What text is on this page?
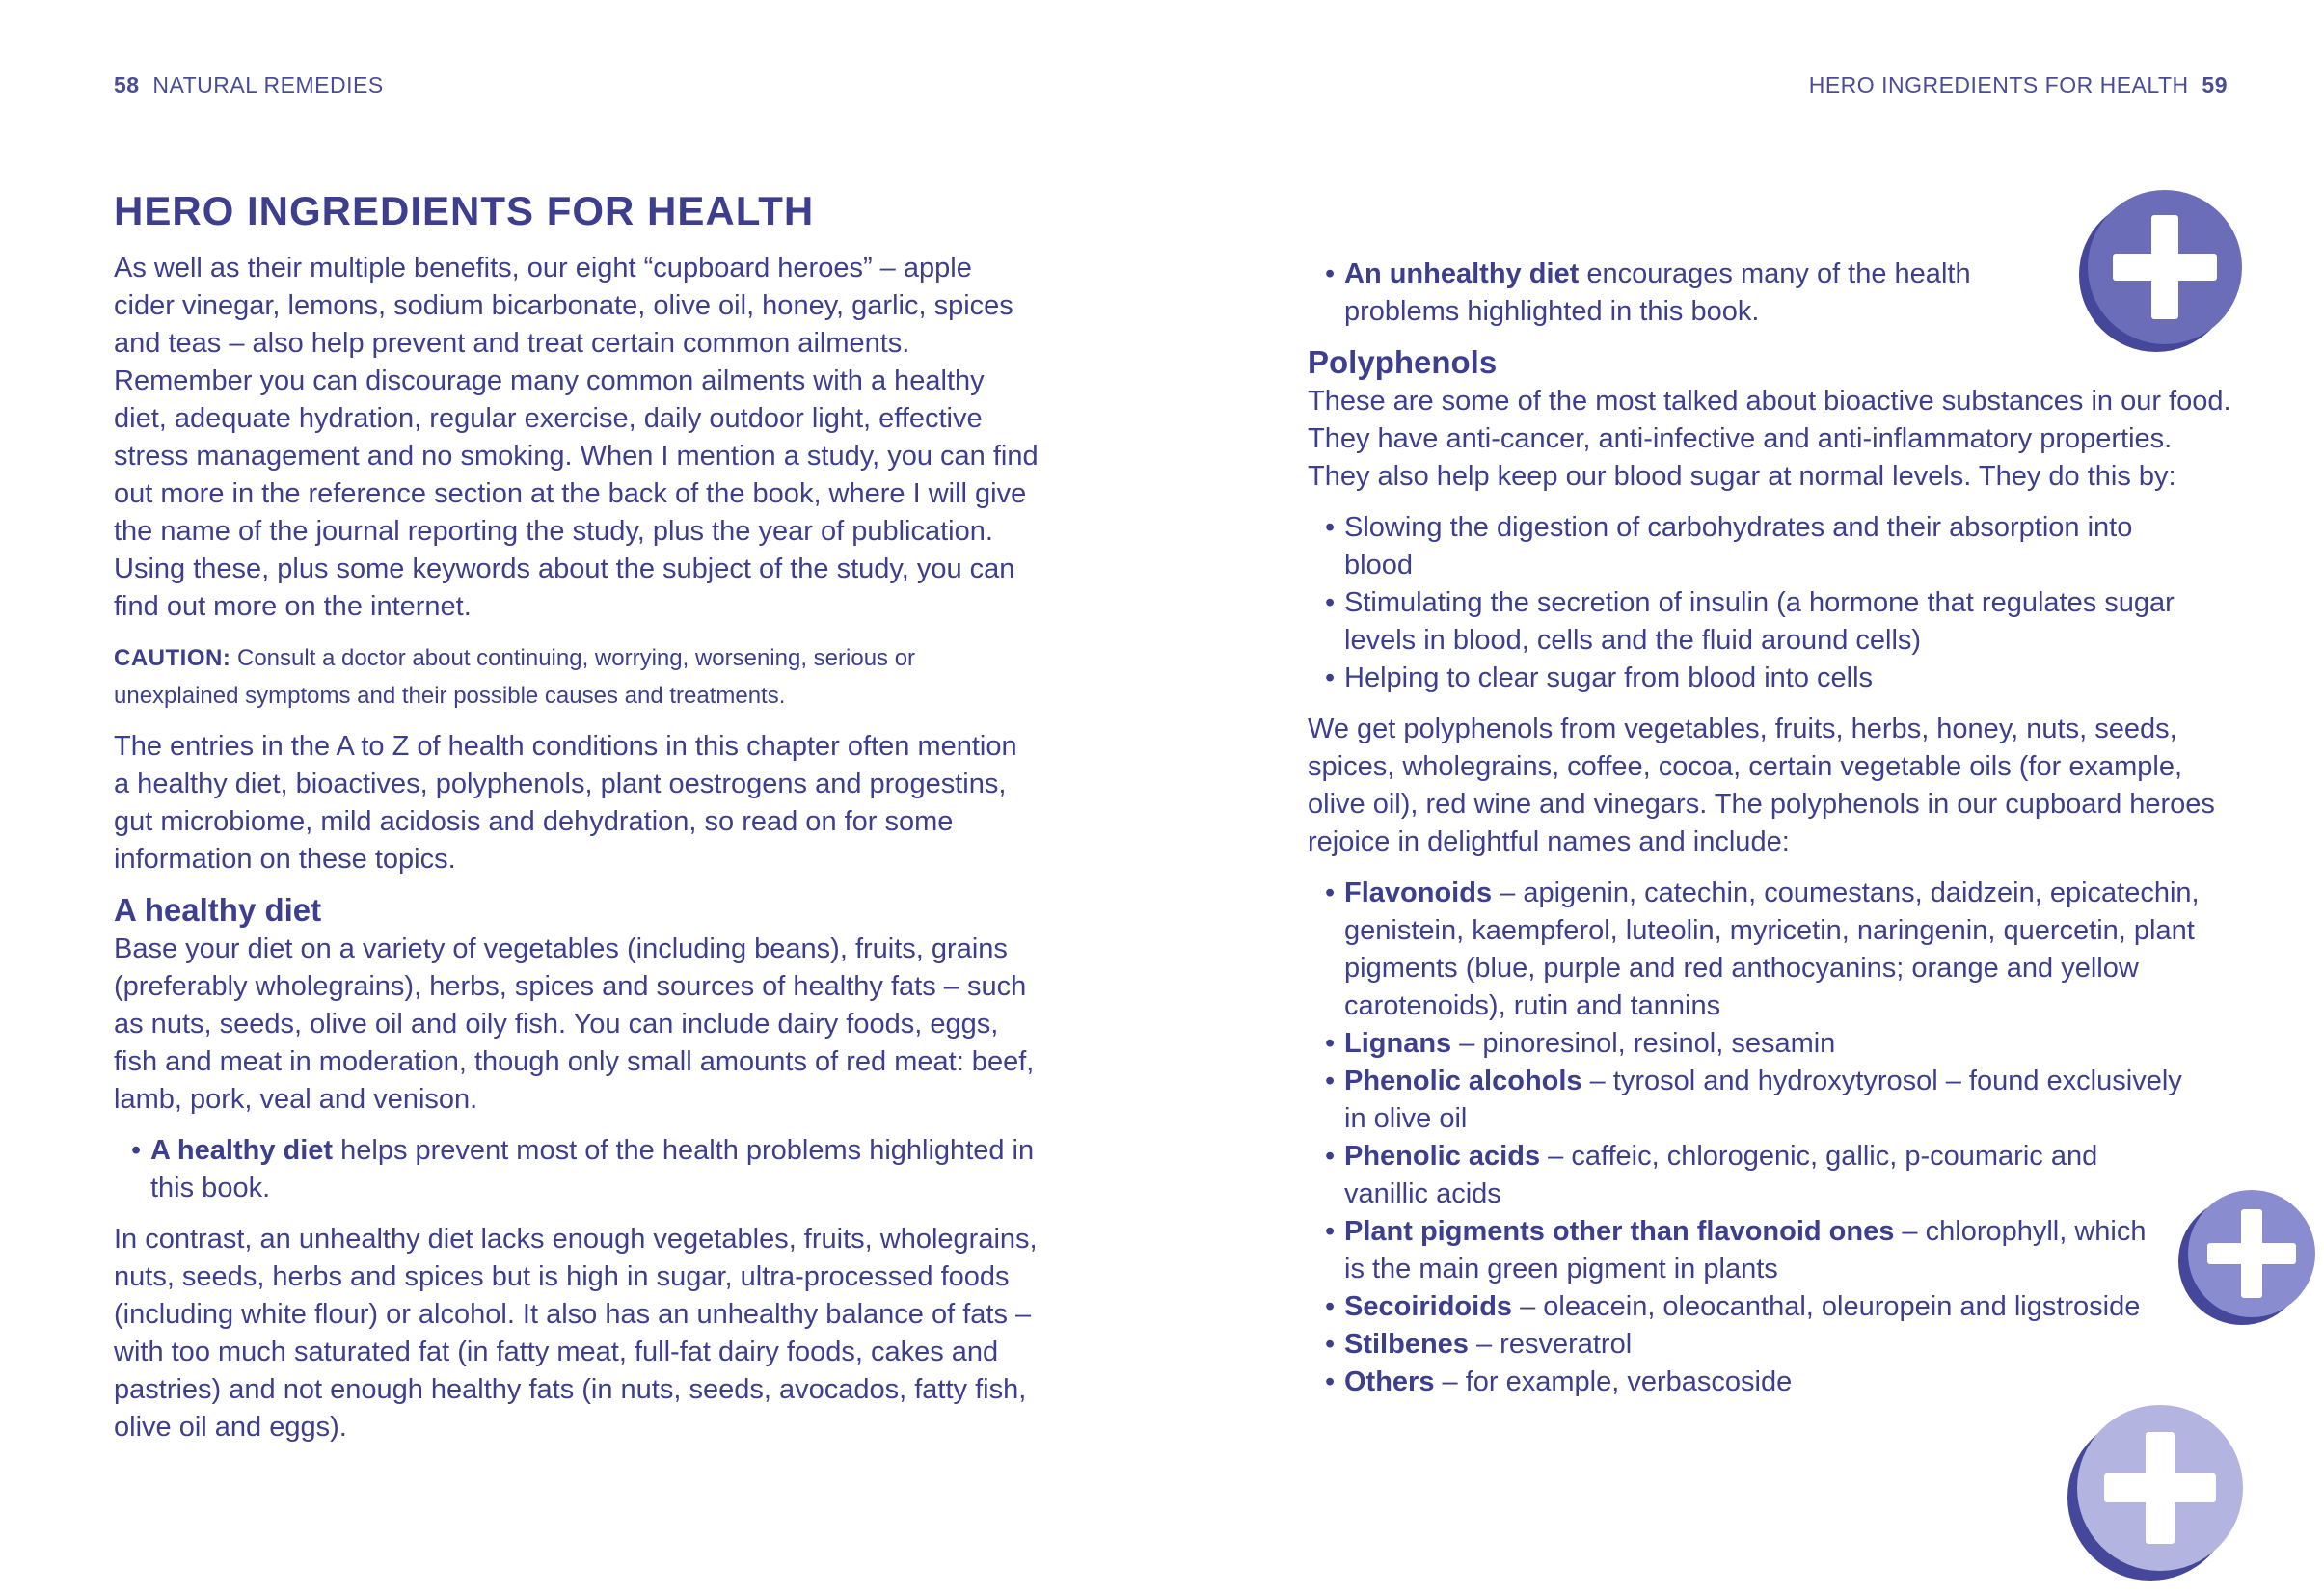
58 NATURAL REMEDIES	HERO INGREDIENTS FOR HEALTH 59
HERO INGREDIENTS FOR HEALTH

As well as their multiple benefits, our eight “cupboard heroes” – apple cider vinegar, lemons, sodium bicarbonate, olive oil, honey, garlic, spices and teas – also help prevent and treat certain common ailments. Remember you can discourage many common ailments with a healthy diet, adequate hydration, regular exercise, daily outdoor light, effective stress management and no smoking. When I mention a study, you can find out more in the reference section at the back of the book, where I will give the name of the journal reporting the study, plus the year of publication. Using these, plus some keywords about the subject of the study, you can find out more on the internet.

CAUTION: Consult a doctor about continuing, worrying, worsening, serious or unexplained symptoms and their possible causes and treatments.

The entries in the A to Z of health conditions in this chapter often mention a healthy diet, bioactives, polyphenols, plant oestrogens and progestins, gut microbiome, mild acidosis and dehydration, so read on for some information on these topics.

A healthy diet

Base your diet on a variety of vegetables (including beans), fruits, grains (preferably wholegrains), herbs, spices and sources of healthy fats – such as nuts, seeds, olive oil and oily fish. You can include dairy foods, eggs, fish and meat in moderation, though only small amounts of red meat: beef, lamb, pork, veal and venison.

• A healthy diet helps prevent most of the health problems highlighted in this book.

In contrast, an unhealthy diet lacks enough vegetables, fruits, wholegrains, nuts, seeds, herbs and spices but is high in sugar, ultra-processed foods (including white flour) or alcohol. It also has an unhealthy balance of fats – with too much saturated fat (in fatty meat, full-fat dairy foods, cakes and pastries) and not enough healthy fats (in nuts, seeds, avocados, fatty fish, olive oil and eggs).

• An unhealthy diet encourages many of the health problems highlighted in this book.
Polyphenols

These are some of the most talked about bioactive substances in our food. They have anti-cancer, anti-infective and anti-inflammatory properties. They also help keep our blood sugar at normal levels. They do this by:

• Slowing the digestion of carbohydrates and their absorption into blood
• Stimulating the secretion of insulin (a hormone that regulates sugar levels in blood, cells and the fluid around cells)
• Helping to clear sugar from blood into cells

We get polyphenols from vegetables, fruits, herbs, honey, nuts, seeds, spices, wholegrains, coffee, cocoa, certain vegetable oils (for example, olive oil), red wine and vinegars. The polyphenols in our cupboard heroes rejoice in delightful names and include:

• Flavonoids – apigenin, catechin, coumestans, daidzein, epicatechin, genistein, kaempferol, luteolin, myricetin, naringenin, quercetin, plant pigments (blue, purple and red anthocyanins; orange and yellow carotenoids), rutin and tannins
• Lignans – pinoresinol, resinol, sesamin
• Phenolic alcohols – tyrosol and hydroxytyrosol – found exclusively in olive oil
• Phenolic acids – caffeic, chlorogenic, gallic, p-coumaric and vanillic acids
• Plant pigments other than flavonoid ones – chlorophyll, which is the main green pigment in plants
• Secoiridoids – oleacein, oleocanthal, oleuropein and ligstroside
• Stilbenes – resveratrol
• Others – for example, verbascoside
